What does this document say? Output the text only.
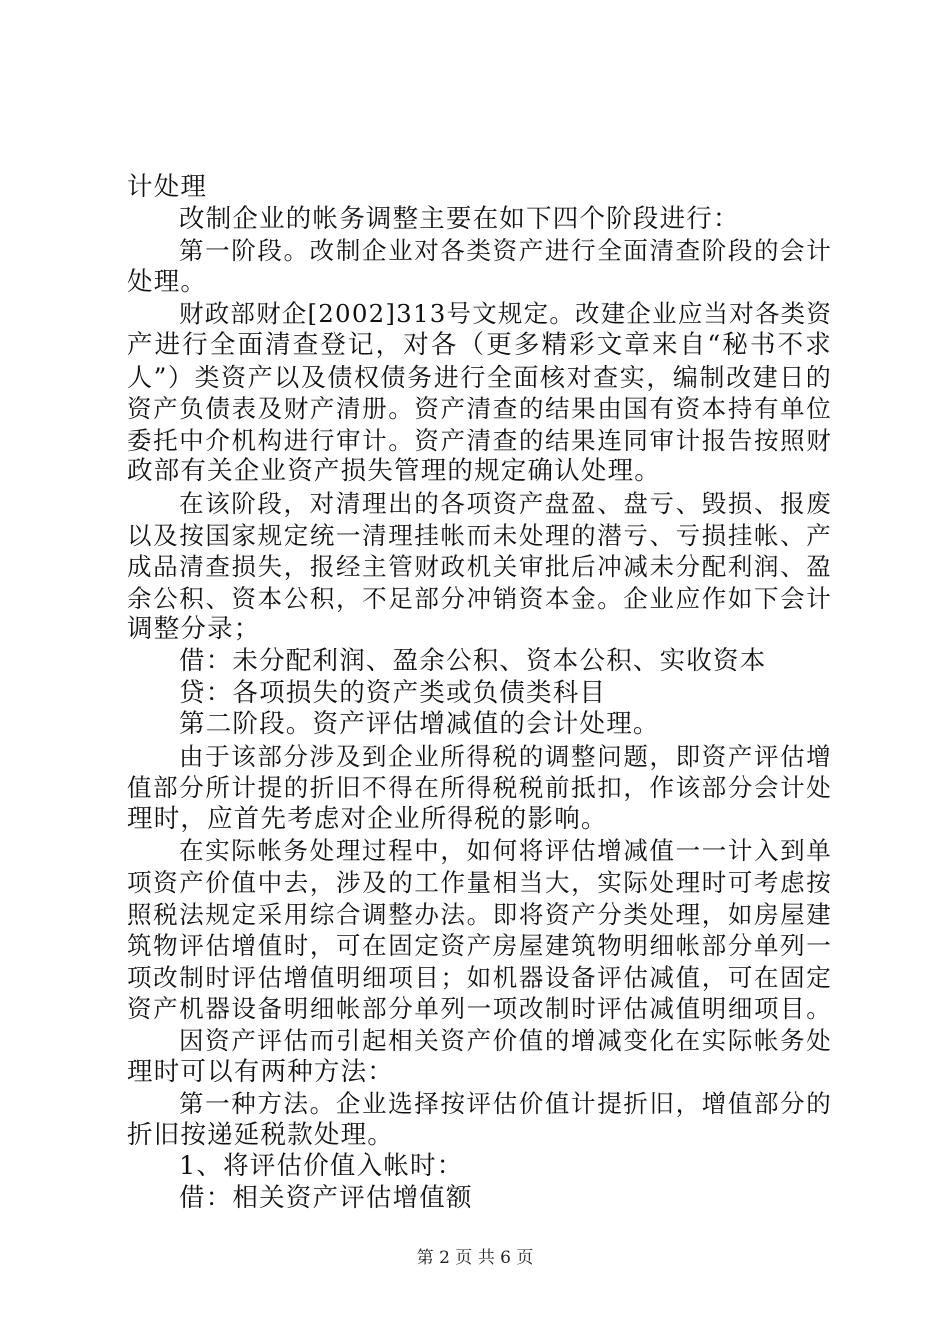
计处理
改制企业的帐务调整主要在如下四个阶段进行：
第一阶段。改制企业对各类资产进行全面清查阶段的会计
处理。
财政部财企[2002]313号文规定。改建企业应当对各类资
产进行全面清查登记，对各（更多精彩文章来自“秘书不求
人”）类资产以及债权债务进行全面核对查实，编制改建日的
资产负债表及财产清册。资产清查的结果由国有资本持有单位
委托中介机构进行审计。资产清查的结果连同审计报告按照财
政部有关企业资产损失管理的规定确认处理。
在该阶段，对清理出的各项资产盘盈、盘亏、毁损、报废
以及按国家规定统一清理挂帐而未处理的潜亏、亏损挂帐、产
成品清查损失，报经主管财政机关审批后冲减未分配利润、盈
余公积、资本公积，不足部分冲销资本金。企业应作如下会计
调整分录；
借：未分配利润、盈余公积、资本公积、实收资本
贷：各项损失的资产类或负债类科目
第二阶段。资产评估增减值的会计处理。
由于该部分涉及到企业所得税的调整问题，即资产评估增
值部分所计提的折旧不得在所得税税前抵扣，作该部分会计处
理时，应首先考虑对企业所得税的影响。
在实际帐务处理过程中，如何将评估增减值一一计入到单
项资产价值中去，涉及的工作量相当大，实际处理时可考虑按
照税法规定采用综合调整办法。即将资产分类处理，如房屋建
筑物评估增值时，可在固定资产房屋建筑物明细帐部分单列一
项改制时评估增值明细项目；如机器设备评估减值，可在固定
资产机器设备明细帐部分单列一项改制时评估减值明细项目。
因资产评估而引起相关资产价值的增减变化在实际帐务处
理时可以有两种方法：
第一种方法。企业选择按评估价值计提折旧，增值部分的
折旧按递延税款处理。
1、将评估价值入帐时：
借：相关资产评估增值额
第 2 页 共 6 页
